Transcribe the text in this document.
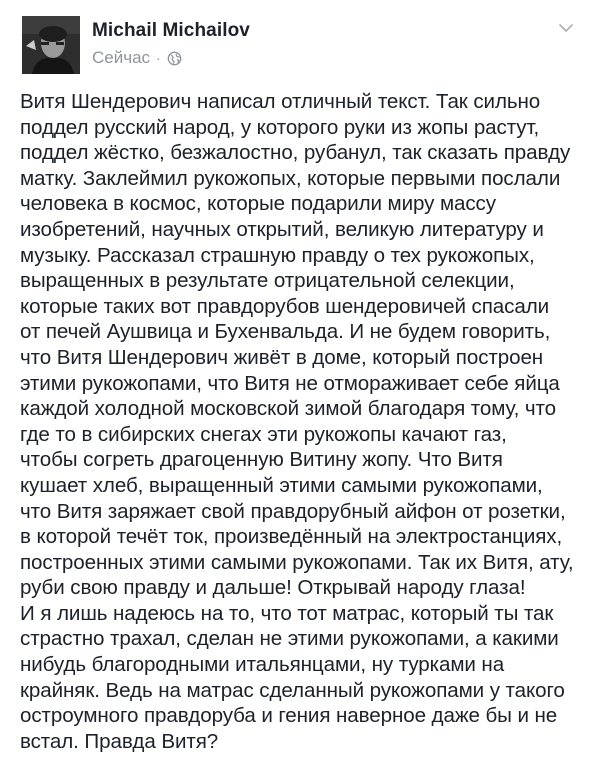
Michail Michailov
Сейчас ·
Витя Шендерович написал отличный текст. Так сильно
поддел русский народ, у которого руки из жопы растут,
поддел жёстко, безжалостно, рубанул, так сказать правду
матку. Заклеймил рукожопых, которые первыми послали
человека в космос, которые подарили миру массу
изобретений, научных открытий, великую литературу и
музыку. Рассказал страшную правду о тех рукожопых,
выращенных в результате отрицательной селекции,
которые таких вот правдорубов шендеровичей спасали
от печей Аушвица и Бухенвальда. И не будем говорить,
что Витя Шендерович живёт в доме, который построен
этими рукожопами, что Витя не отмораживает себе яйца
каждой холодной московской зимой благодаря тому, что
где то в сибирских снегах эти рукожопы качают газ,
чтобы согреть драгоценную Витину жопу. Что Витя
кушает хлеб, выращенный этими самыми рукожопами,
что Витя заряжает свой правдорубный айфон от розетки,
в которой течёт ток, произведённый на электростанциях,
построенных этими самыми рукожопами. Так их Витя, ату,
руби свою правду и дальше! Открывай народу глаза!
И я лишь надеюсь на то, что тот матрас, который ты так
страстно трахал, сделан не этими рукожопами, а какими
нибудь благородными итальянцами, ну турками на
крайняк. Ведь на матрас сделанный рукожопами у такого
остроумного правдоруба и гения наверное даже бы и не
встал. Правда Витя?
